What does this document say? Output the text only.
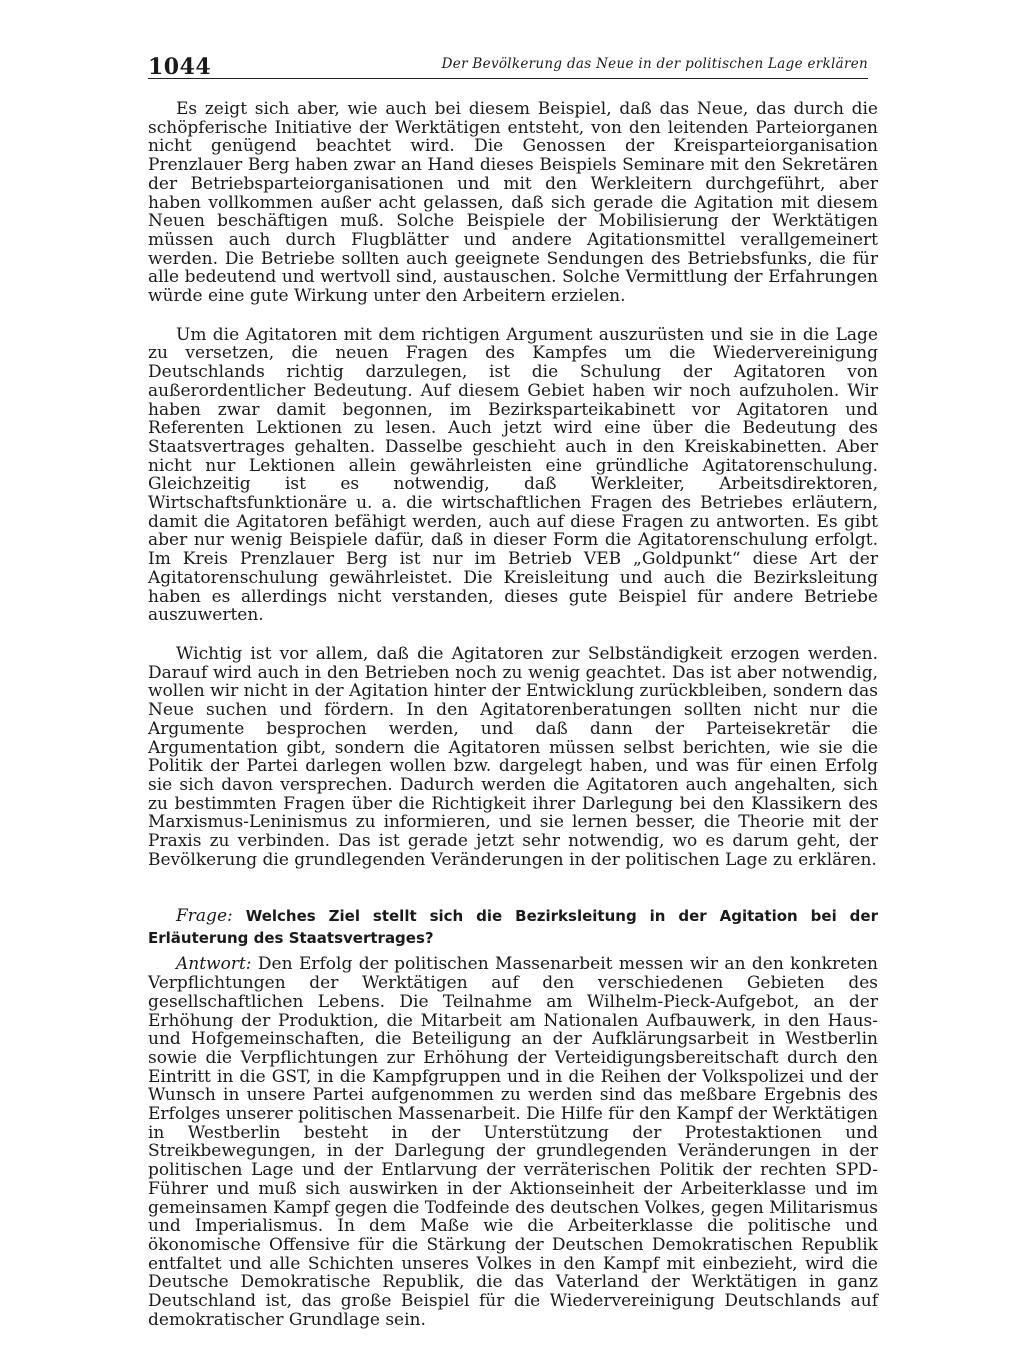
1044	Der Bevölkerung das Neue in der politischen Lage erklären

Es zeigt sich aber, wie auch bei diesem Beispiel, daß das Neue, das durch die schöpferische Initiative der Werktätigen entsteht, von den leitenden Parteiorganen nicht genügend beachtet wird. Die Genossen der Kreisparteiorganisation Prenzlauer Berg haben zwar an Hand dieses Beispiels Seminare mit den Sekretären der Betriebsparteiorganisationen und mit den Werkleitern durchgeführt, aber haben vollkommen außer acht gelassen, daß sich gerade die Agitation mit diesem Neuen beschäftigen muß. Solche Beispiele der Mobilisierung der Werktätigen müssen auch durch Flugblätter und andere Agitationsmittel verallgemeinert werden. Die Betriebe sollten auch geeignete Sendungen des Betriebsfunks, die für alle bedeutend und wertvoll sind, austauschen. Solche Vermittlung der Erfahrungen würde eine gute Wirkung unter den Arbeitern erzielen.

Um die Agitatoren mit dem richtigen Argument auszurüsten und sie in die Lage zu versetzen, die neuen Fragen des Kampfes um die Wiedervereinigung Deutschlands richtig darzulegen, ist die Schulung der Agitatoren von außerordentlicher Bedeutung. Auf diesem Gebiet haben wir noch aufzuholen. Wir haben zwar damit begonnen, im Bezirksparteikabinett vor Agitatoren und Referenten Lektionen zu lesen. Auch jetzt wird eine über die Bedeutung des Staatsvertrages gehalten. Dasselbe geschieht auch in den Kreiskabinetten. Aber nicht nur Lektionen allein gewährleisten eine gründliche Agitatorenschulung. Gleichzeitig ist es notwendig, daß Werkleiter, Arbeitsdirektoren, Wirtschaftsfunktionäre u. a. die wirtschaftlichen Fragen des Betriebes erläutern, damit die Agitatoren befähigt werden, auch auf diese Fragen zu antworten. Es gibt aber nur wenig Beispiele dafür, daß in dieser Form die Agitatorenschulung erfolgt. Im Kreis Prenzlauer Berg ist nur im Betrieb VEB „Goldpunkt“ diese Art der Agitatorenschulung gewährleistet. Die Kreisleitung und auch die Bezirksleitung haben es allerdings nicht verstanden, dieses gute Beispiel für andere Betriebe auszuwerten.

Wichtig ist vor allem, daß die Agitatoren zur Selbständigkeit erzogen werden. Darauf wird auch in den Betrieben noch zu wenig geachtet. Das ist aber notwendig, wollen wir nicht in der Agitation hinter der Entwicklung zurückbleiben, sondern das Neue suchen und fördern. In den Agitatorenberatungen sollten nicht nur die Argumente besprochen werden, und daß dann der Parteisekretär die Argumentation gibt, sondern die Agitatoren müssen selbst berichten, wie sie die Politik der Partei darlegen wollen bzw. dargelegt haben, und was für einen Erfolg sie sich davon versprechen. Dadurch werden die Agitatoren auch angehalten, sich zu bestimmten Fragen über die Richtigkeit ihrer Darlegung bei den Klassikern des Marxismus-Leninismus zu informieren, und sie lernen besser, die Theorie mit der Praxis zu verbinden. Das ist gerade jetzt sehr notwendig, wo es darum geht, der Bevölkerung die grundlegenden Veränderungen in der politischen Lage zu erklären.

Frage: Welches Ziel stellt sich die Bezirksleitung in der Agitation bei der Erläuterung des Staatsvertrages?

Antwort: Den Erfolg der politischen Massenarbeit messen wir an den konkreten Verpflichtungen der Werktätigen auf den verschiedenen Gebieten des gesellschaftlichen Lebens. Die Teilnahme am Wilhelm-Pieck-Aufgebot, an der Erhöhung der Produktion, die Mitarbeit am Nationalen Aufbauwerk, in den Haus- und Hofgemeinschaften, die Beteiligung an der Aufklärungsarbeit in Westberlin sowie die Verpflichtungen zur Erhöhung der Verteidigungsbereitschaft durch den Eintritt in die GST, in die Kampfgruppen und in die Reihen der Volkspolizei und der Wunsch in unsere Partei aufgenommen zu werden sind das meßbare Ergebnis des Erfolges unserer politischen Massenarbeit. Die Hilfe für den Kampf der Werktätigen in Westberlin besteht in der Unterstützung der Protestaktionen und Streikbewegungen, in der Darlegung der grundlegenden Veränderungen in der politischen Lage und der Entlarvung der verräterischen Politik der rechten SPD-Führer und muß sich auswirken in der Aktionseinheit der Arbeiterklasse und im gemeinsamen Kampf gegen die Todfeinde des deutschen Volkes, gegen Militarismus und Imperialismus. In dem Maße wie die Arbeiterklasse die politische und ökonomische Offensive für die Stärkung der Deutschen Demokratischen Republik entfaltet und alle Schichten unseres Volkes in den Kampf mit einbezieht, wird die Deutsche Demokratische Republik, die das Vaterland der Werktätigen in ganz Deutschland ist, das große Beispiel für die Wiedervereinigung Deutschlands auf demokratischer Grundlage sein.
